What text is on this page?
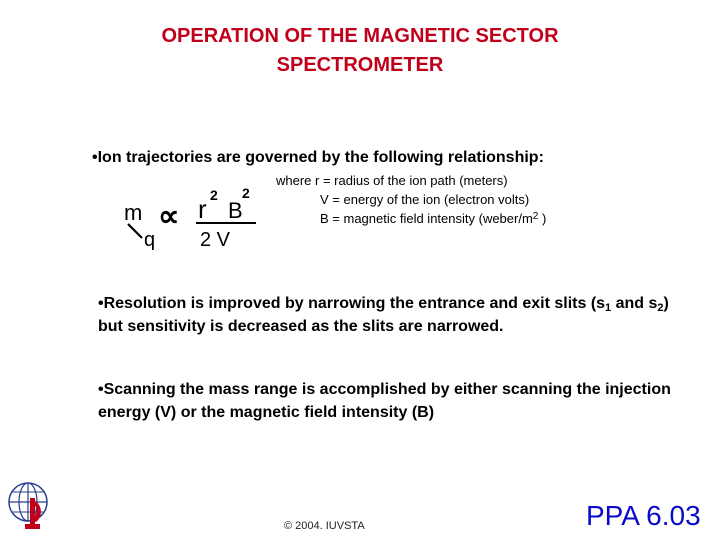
OPERATION OF THE MAGNETIC SECTOR
SPECTROMETER
•Ion trajectories are governed by the following relationship:
m
q
∝ r 2
B
2
2 V
where r = radius of the ion path (meters)
V = energy of the ion (electron volts)
B = magnetic field intensity ($weber/m^2$ )
•Resolution is improved by narrowing the entrance and exit slits ($s_1$ and $s_2$)
but sensitivity is decreased as the slits are narrowed.
•Scanning the mass range is accomplished by either scanning the injection
energy (V) or the magnetic field intensity (B)
© 2004. IUVSTA	PPA 6.03
